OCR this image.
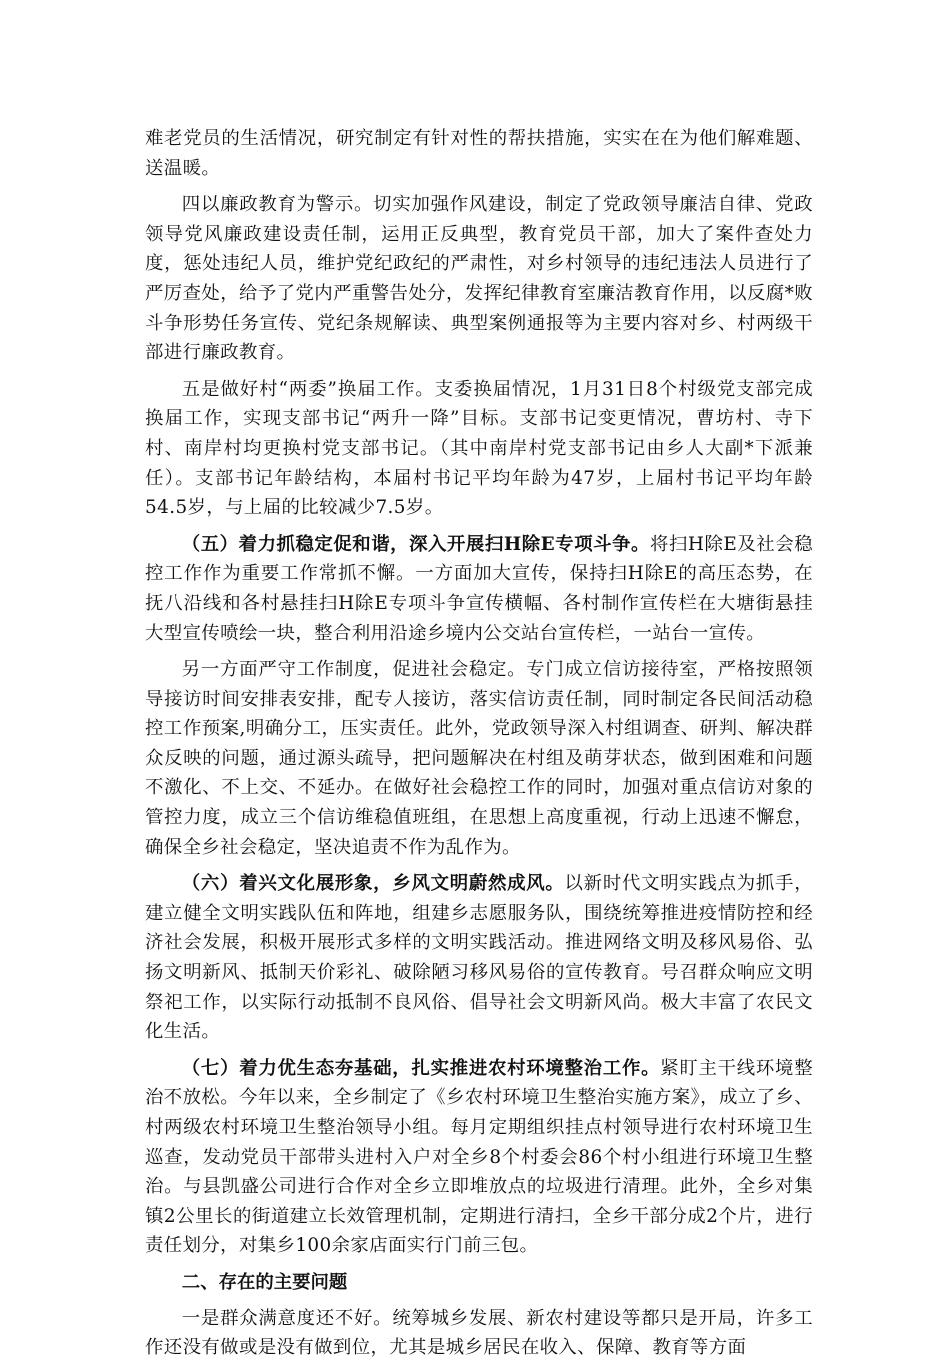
难老党员的生活情况，研究制定有针对性的帮扶措施，实实在在为他们解难题、送温暖。

四以廉政教育为警示。切实加强作风建设，制定了党政领导廉洁自律、党政领导党风廉政建设责任制，运用正反典型，教育党员干部，加大了案件查处力度，惩处违纪人员，维护党纪政纪的严肃性，对乡村领导的违纪违法人员进行了严厉查处，给予了党内严重警告处分，发挥纪律教育室廉洁教育作用，以反腐*败斗争形势任务宣传、党纪条规解读、典型案例通报等为主要内容对乡、村两级干部进行廉政教育。

五是做好村“两委”换届工作。支委换届情况，1月31日8个村级党支部完成换届工作，实现支部书记“两升一降”目标。支部书记变更情况，曹坊村、寺下村、南岸村均更换村党支部书记。（其中南岸村党支部书记由乡人大副*下派兼任）。支部书记年龄结构，本届村书记平均年龄为47岁，上届村书记平均年龄54.5岁，与上届的比较减少7.5岁。

（五）着力抓稳定促和谐，深入开展扫H除E专项斗争。将扫H除E及社会稳控工作作为重要工作常抓不懈。一方面加大宣传，保持扫H除E的高压态势，在抚八沿线和各村悬挂扫H除E专项斗争宣传横幅、各村制作宣传栏在大塘街悬挂大型宣传喷绘一块，整合利用沿途乡境内公交站台宣传栏，一站台一宣传。

另一方面严守工作制度，促进社会稳定。专门成立信访接待室，严格按照领导接访时间安排表安排，配专人接访，落实信访责任制，同时制定各民间活动稳控工作预案,明确分工，压实责任。此外，党政领导深入村组调查、研判、解决群众反映的问题，通过源头疏导，把问题解决在村组及萌芽状态，做到困难和问题不激化、不上交、不延办。在做好社会稳控工作的同时，加强对重点信访对象的管控力度，成立三个信访维稳值班组，在思想上高度重视，行动上迅速不懈怠，确保全乡社会稳定，坚决追责不作为乱作为。

（六）着兴文化展形象，乡风文明蔚然成风。以新时代文明实践点为抓手，建立健全文明实践队伍和阵地，组建乡志愿服务队，围绕统筹推进疫情防控和经济社会发展，积极开展形式多样的文明实践活动。推进网络文明及移风易俗、弘扬文明新风、抵制天价彩礼、破除陋习移风易俗的宣传教育。号召群众响应文明祭祀工作，以实际行动抵制不良风俗、倡导社会文明新风尚。极大丰富了农民文化生活。

（七）着力优生态夯基础，扎实推进农村环境整治工作。紧盯主干线环境整治不放松。今年以来，全乡制定了《乡农村环境卫生整治实施方案》，成立了乡、村两级农村环境卫生整治领导小组。每月定期组织挂点村领导进行农村环境卫生巡查，发动党员干部带头进村入户对全乡8个村委会86个村小组进行环境卫生整治。与县凯盛公司进行合作对全乡立即堆放点的垃圾进行清理。此外，全乡对集镇2公里长的街道建立长效管理机制，定期进行清扫，全乡干部分成2个片，进行责任划分，对集乡100余家店面实行门前三包。

二、存在的主要问题

一是群众满意度还不好。统筹城乡发展、新农村建设等都只是开局，许多工作还没有做或是没有做到位，尤其是城乡居民在收入、保障、教育等方面
